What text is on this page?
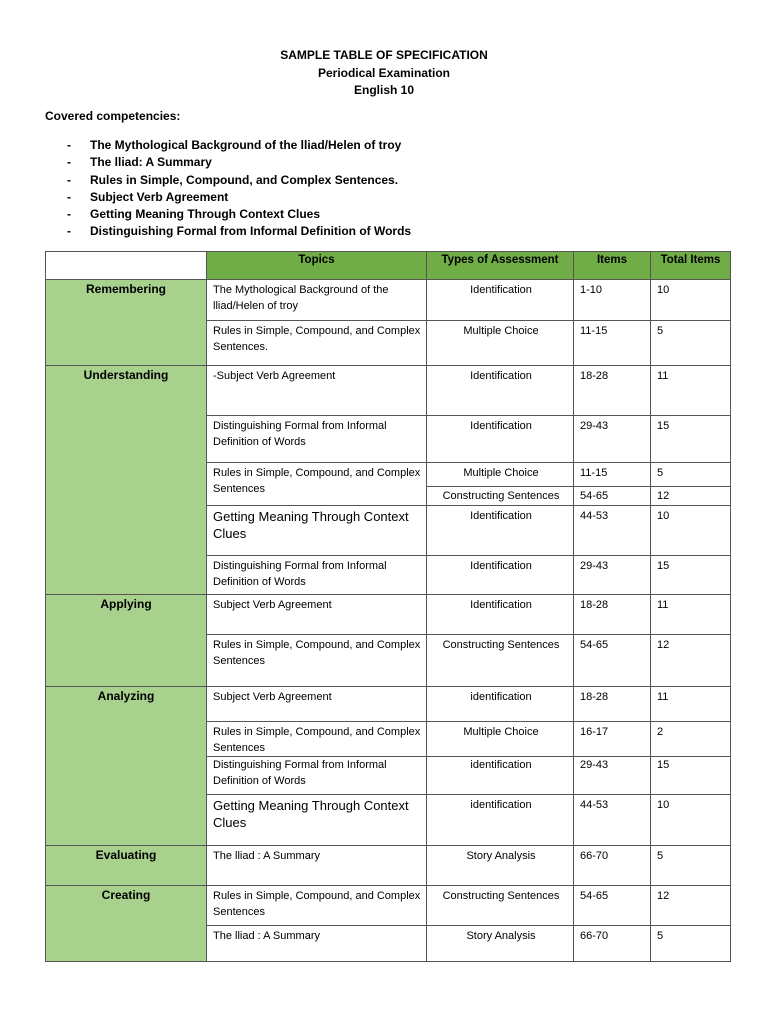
SAMPLE TABLE OF SPECIFICATION
Periodical Examination
English 10
Covered competencies:
- The Mythological Background of the lliad/Helen of troy
- The lliad: A Summary
- Rules in Simple, Compound, and Complex Sentences.
- Subject Verb Agreement
- Getting Meaning Through Context Clues
- Distinguishing Formal from Informal Definition of Words

	Topics	Types of Assessment	Items	Total Items

Remembering	The Mythological Background of the lliad/Helen of troy	Identification	1-10	10

	Rules in Simple, Compound, and Complex Sentences.	Multiple Choice	11-15	5

Understanding	-Subject Verb Agreement	Identification	18-28	11

	Distinguishing Formal from Informal Definition of Words	Identification	29-43	15

	Rules in Simple, Compound, and Complex Sentences	Multiple Choice	11-15	5

		Constructing Sentences	54-65	12

	Getting Meaning Through Context Clues	Identification	44-53	10

	Distinguishing Formal from Informal Definition of Words	Identification	29-43	15

Applying	Subject Verb Agreement	Identification	18-28	11

	Rules in Simple, Compound, and Complex Sentences	Constructing Sentences	54-65	12

Analyzing	Subject Verb Agreement	identification	18-28	11

	Rules in Simple, Compound, and Complex Sentences	Multiple Choice	16-17	2

	Distinguishing Formal from Informal Definition of Words	identification	29-43	15

	Getting Meaning Through Context Clues	identification	44-53	10

Evaluating	The lliad : A Summary	Story Analysis	66-70	5

Creating	Rules in Simple, Compound, and Complex Sentences	Constructing Sentences	54-65	12

	The lliad : A Summary	Story Analysis	66-70	5
